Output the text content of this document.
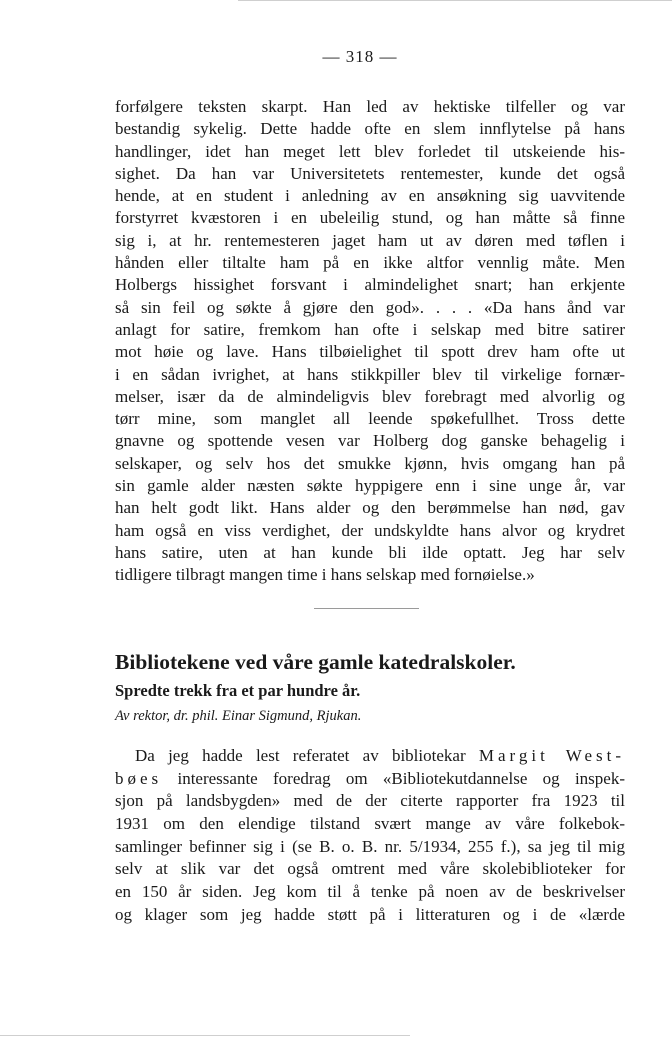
— 318 —
forfølgere teksten skarpt. Han led av hektiske tilfeller og var
bestandig sykelig. Dette hadde ofte en slem innflytelse på hans
handlinger, idet han meget lett blev forledet til utskeiende his-
sighet. Da han var Universitetets rentemester, kunde det også
hende, at en student i anledning av en ansøkning sig uavvitende
forstyrret kvæstoren i en ubeleilig stund, og han måtte så finne
sig i, at hr. rentemesteren jaget ham ut av døren med tøflen i
hånden eller tiltalte ham på en ikke altfor vennlig måte. Men
Holbergs hissighet forsvant i almindelighet snart; han erkjente
så sin feil og søkte å gjøre den god». . . . «Da hans ånd var
anlagt for satire, fremkom han ofte i selskap med bitre satirer
mot høie og lave. Hans tilbøielighet til spott drev ham ofte ut
i en sådan ivrighet, at hans stikkpiller blev til virkelige fornær-
melser, især da de almindeligvis blev forebragt med alvorlig og
tørr mine, som manglet all leende spøkefullhet. Tross dette
gnavne og spottende vesen var Holberg dog ganske behagelig i
selskaper, og selv hos det smukke kjønn, hvis omgang han på
sin gamle alder næsten søkte hyppigere enn i sine unge år, var
han helt godt likt. Hans alder og den berømmelse han nød, gav
ham også en viss verdighet, der undskyldte hans alvor og krydret
hans satire, uten at han kunde bli ilde optatt. Jeg har selv
tidligere tilbragt mangen time i hans selskap med fornøielse.»
Bibliotekene ved våre gamle katedralskoler.
Spredte trekk fra et par hundre år.
Av rektor, dr. phil. Einar Sigmund, Rjukan.
Da jeg hadde lest referatet av bibliotekar Margit West-
bøes interessante foredrag om «Bibliotekutdannelse og inspek-
sjon på landsbygden» med de der citerte rapporter fra 1923 til
1931 om den elendige tilstand svært mange av våre folkebok-
samlinger befinner sig i (se B. o. B. nr. 5/1934, 255 f.), sa jeg til mig
selv at slik var det også omtrent med våre skolebiblioteker for
en 150 år siden. Jeg kom til å tenke på noen av de beskrivelser
og klager som jeg hadde støtt på i litteraturen og i de «lærde
